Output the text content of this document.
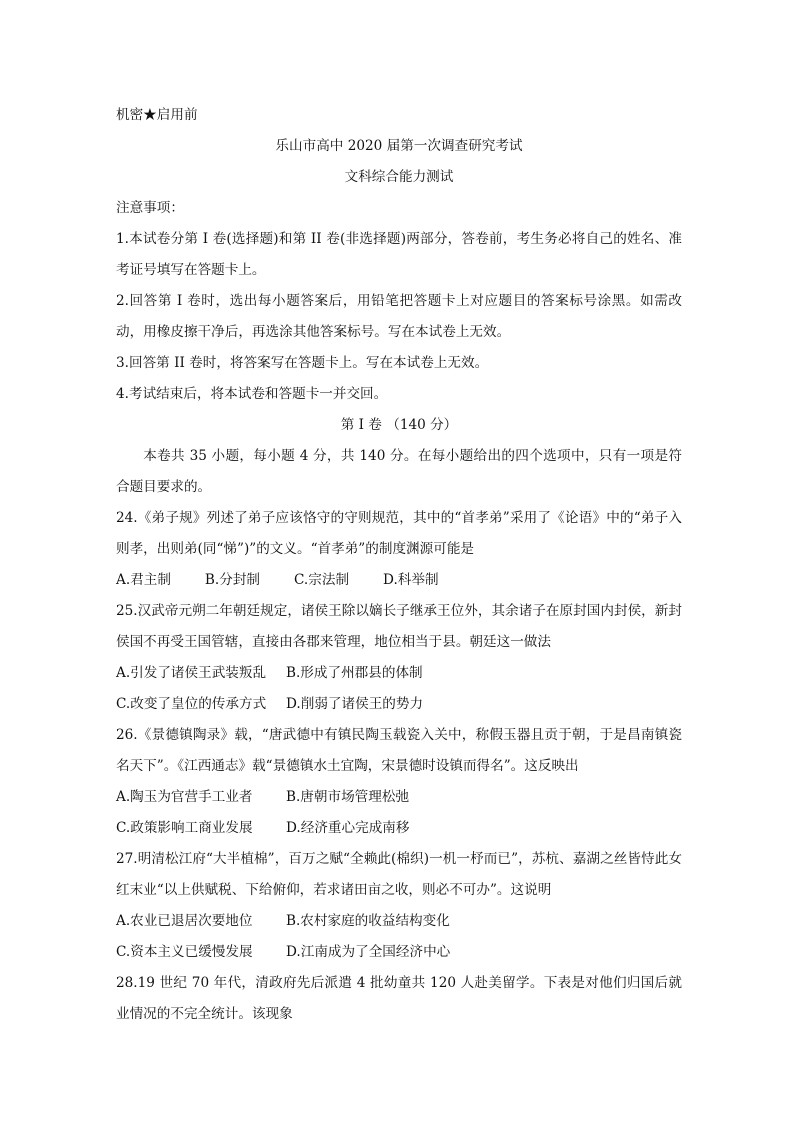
机密★启用前
乐山市高中 2020 届第一次调查研究考试
文科综合能力测试
注意事项：
1.本试卷分第 I 卷(选择题)和第 II 卷(非选择题)两部分，答卷前，考生务必将自己的姓名、准考证号填写在答题卡上。
2.回答第 I 卷时，选出每小题答案后，用铅笔把答题卡上对应题目的答案标号涂黑。如需改动，用橡皮擦干净后，再选涂其他答案标号。写在本试卷上无效。
3.回答第 II 卷时，将答案写在答题卡上。写在本试卷上无效。
4.考试结束后，将本试卷和答题卡一并交回。
第 I 卷 （140 分）
本卷共 35 小题，每小题 4 分，共 140 分。在每小题给出的四个选项中，只有一项是符合题目要求的。
24.《弟子规》列述了弟子应该恪守的守则规范，其中的“首孝弟”采用了《论语》中的“弟子入则孝，出则弟(同“悌”)”的文义。“首孝弟”的制度渊源可能是
A.君主制	B.分封制	C.宗法制	D.科举制
25.汉武帝元朔二年朝廷规定，诸侯王除以嫡长子继承王位外，其余诸子在原封国内封侯，新封侯国不再受王国管辖，直接由各郡来管理，地位相当于县。朝廷这一做法
A.引发了诸侯王武装叛乱	B.形成了州郡县的体制
C.改变了皇位的传承方式	D.削弱了诸侯王的势力
26.《景德镇陶录》载，“唐武德中有镇民陶玉载瓷入关中，称假玉器且贡于朝，于是昌南镇瓷名天下”。《江西通志》载“景德镇水土宜陶，宋景德时设镇而得名”。这反映出
A.陶玉为官营手工业者	B.唐朝市场管理松弛
C.政策影响工商业发展	D.经济重心完成南移
27.明清松江府“大半植棉”，百万之赋“全赖此(棉织)一机一杼而已”，苏杭、嘉湖之丝皆恃此女红末业“以上供赋税、下给俯仰，若求诸田亩之收，则必不可办”。这说明
A.农业已退居次要地位	B.农村家庭的收益结构变化
C.资本主义已缓慢发展	D.江南成为了全国经济中心
28.19 世纪 70 年代，清政府先后派遣 4 批幼童共 120 人赴美留学。下表是对他们归国后就业情况的不完全统计。该现象
